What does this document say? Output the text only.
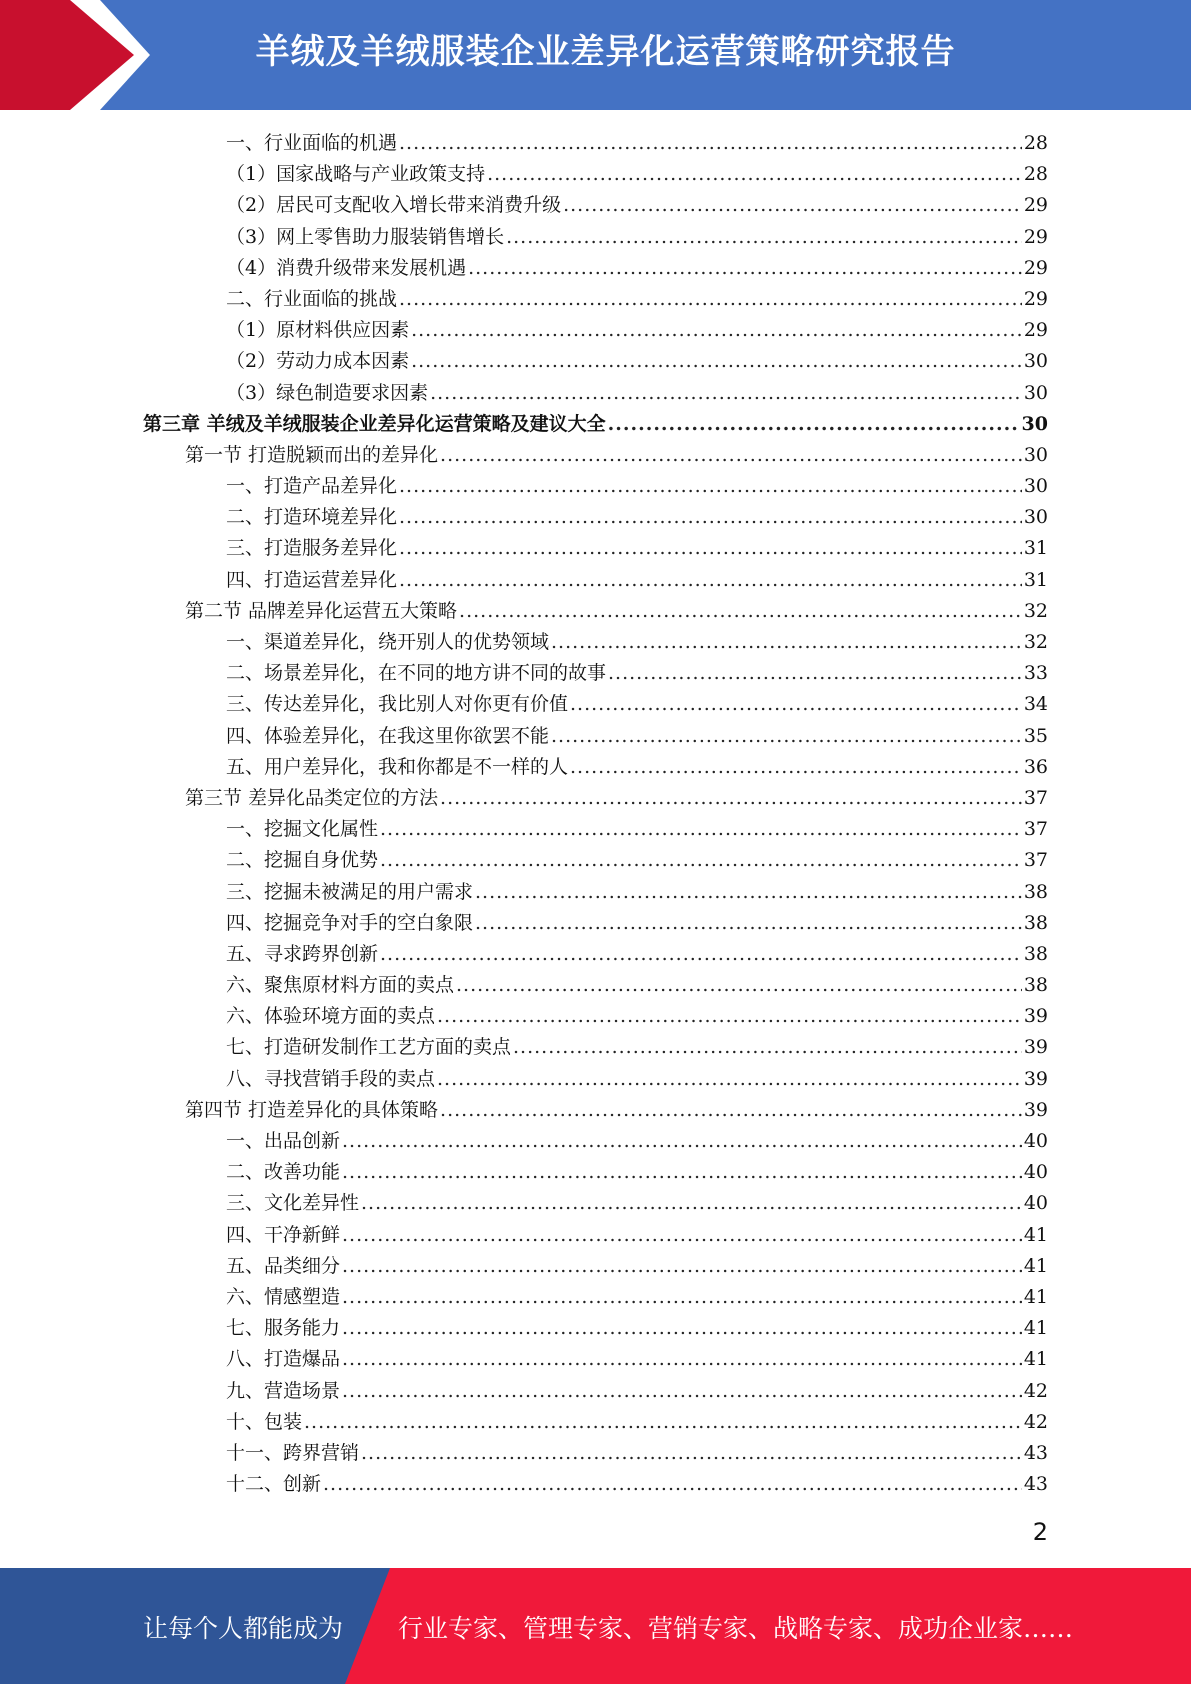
羊绒及羊绒服装企业差异化运营策略研究报告
一、行业面临的机遇 .....	28
（1）国家战略与产业政策支持 .....	28
（2）居民可支配收入增长带来消费升级 .....	29
（3）网上零售助力服装销售增长 .....	29
（4）消费升级带来发展机遇 .....	29
二、行业面临的挑战 .....	29
（1）原材料供应因素 .....	29
（2）劳动力成本因素 .....	30
（3）绿色制造要求因素 .....	30
第三章 羊绒及羊绒服装企业差异化运营策略及建议大全 .....	30
第一节 打造脱颖而出的差异化 .....	30
一、打造产品差异化 .....	30
二、打造环境差异化 .....	30
三、打造服务差异化 .....	31
四、打造运营差异化 .....	31
第二节 品牌差异化运营五大策略 .....	32
一、渠道差异化，绕开别人的优势领域 .....	32
二、场景差异化，在不同的地方讲不同的故事 .....	33
三、传达差异化，我比别人对你更有价值 .....	34
四、体验差异化，在我这里你欲罢不能 .....	35
五、用户差异化，我和你都是不一样的人 .....	36
第三节 差异化品类定位的方法 .....	37
一、挖掘文化属性 .....	37
二、挖掘自身优势 .....	37
三、挖掘未被满足的用户需求 .....	38
四、挖掘竞争对手的空白象限 .....	38
五、寻求跨界创新 .....	38
六、聚焦原材料方面的卖点 .....	38
六、体验环境方面的卖点 .....	39
七、打造研发制作工艺方面的卖点 .....	39
八、寻找营销手段的卖点 .....	39
第四节 打造差异化的具体策略 .....	39
一、出品创新 .....	40
二、改善功能 .....	40
三、文化差异性 .....	40
四、干净新鲜 .....	41
五、品类细分 .....	41
六、情感塑造 .....	41
七、服务能力 .....	41
八、打造爆品 .....	41
九、营造场景 .....	42
十、包装 .....	42
十一、跨界营销 .....	43
十二、创新 .....	43
2
让每个人都能成为 行业专家、管理专家、营销专家、战略专家、成功企业家……
